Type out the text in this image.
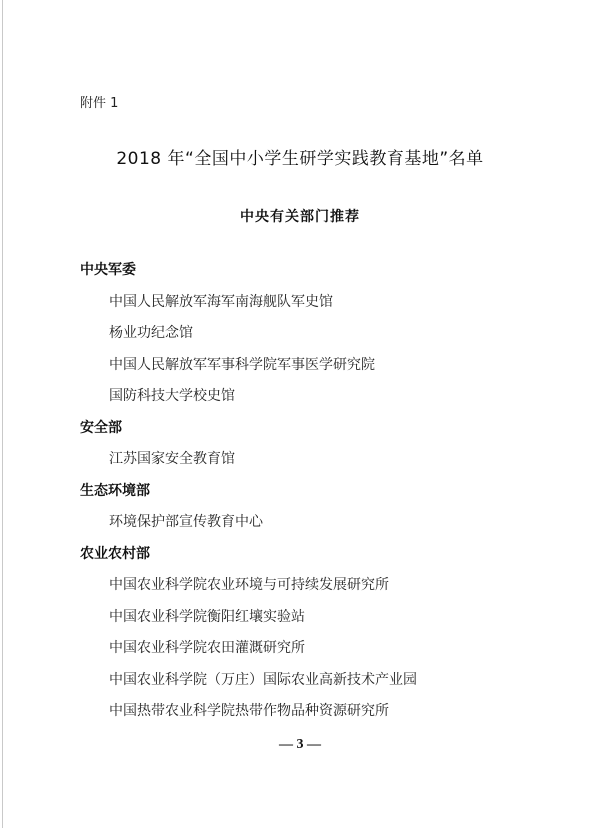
附件 1
2018 年“全国中小学生研学实践教育基地”名单
中央有关部门推荐
中央军委
中国人民解放军海军南海舰队军史馆
杨业功纪念馆
中国人民解放军军事科学院军事医学研究院
国防科技大学校史馆
安全部
江苏国家安全教育馆
生态环境部
环境保护部宣传教育中心
农业农村部
中国农业科学院农业环境与可持续发展研究所
中国农业科学院衡阳红壤实验站
中国农业科学院农田灌溉研究所
中国农业科学院（万庄）国际农业高新技术产业园
中国热带农业科学院热带作物品种资源研究所
— 3 —
